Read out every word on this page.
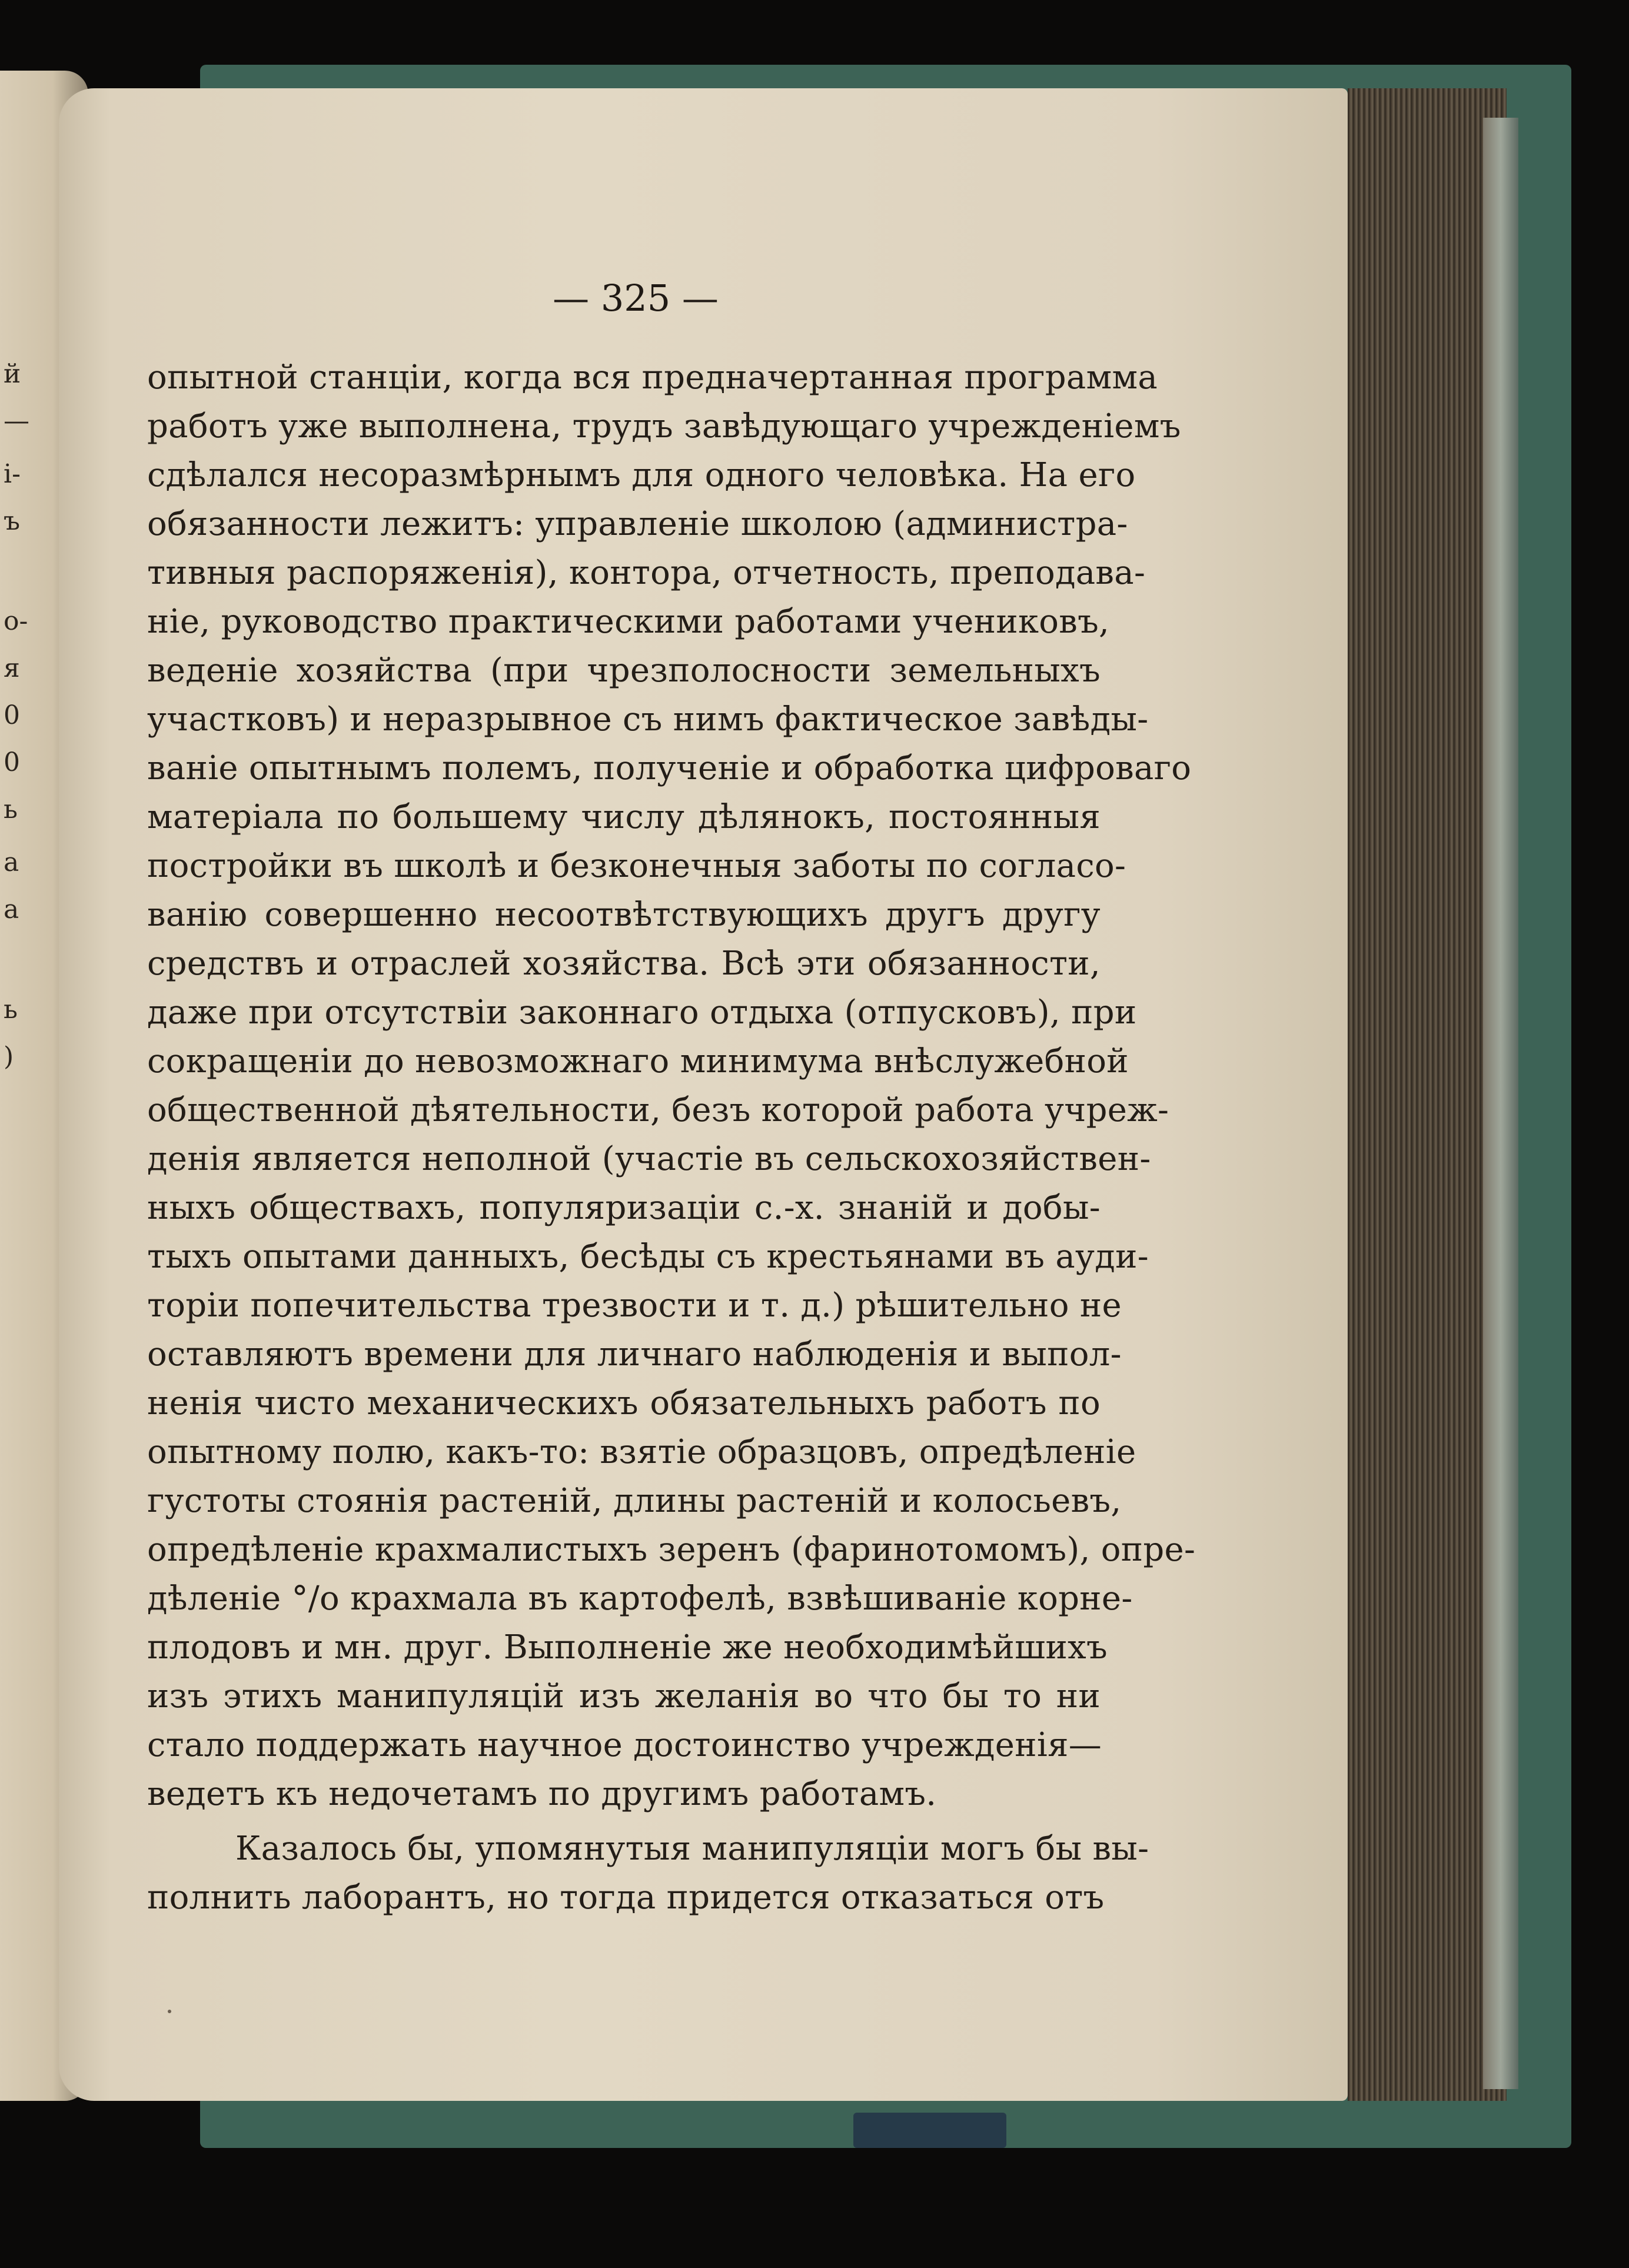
й
—
і-
ъ
о-
я
0
0
ь
а
а
ь
)
— 325 —
опытной станціи, когда вся предначертанная программа
работъ уже выполнена, трудъ завѣдующаго учрежденіемъ
сдѣлался несоразмѣрнымъ для одного человѣка. На его
обязанности лежитъ: управленіе школою (администра-
тивныя распоряженія), контора, отчетность, преподава-
ніе, руководство практическими работами учениковъ,
веденіе хозяйства (при чрезполосности земельныхъ
участковъ) и неразрывное съ нимъ фактическое завѣды-
ваніе опытнымъ полемъ, полученіе и обработка цифроваго
матеріала по большему числу дѣлянокъ, постоянныя
постройки въ школѣ и безконечныя заботы по согласо-
ванію совершенно несоотвѣтствующихъ другъ другу
средствъ и отраслей хозяйства. Всѣ эти обязанности,
даже при отсутствіи законнаго отдыха (отпусковъ), при
сокращеніи до невозможнаго минимума внѣслужебной
общественной дѣятельности, безъ которой работа учреж-
денія является неполной (участіе въ сельскохозяйствен-
ныхъ обществахъ, популяризаціи с.-х. знаній и добы-
тыхъ опытами данныхъ, бесѣды съ крестьянами въ ауди-
торіи попечительства трезвости и т. д.) рѣшительно не
оставляютъ времени для личнаго наблюденія и выпол-
ненія чисто механическихъ обязательныхъ работъ по
опытному полю, какъ-то: взятіе образцовъ, опредѣленіе
густоты стоянія растеній, длины растеній и колосьевъ,
опредѣленіе крахмалистыхъ зеренъ (фаринотомомъ), опре-
дѣленіе °/о крахмала въ картофелѣ, взвѣшиваніе корне-
плодовъ и мн. друг. Выполненіе же необходимѣйшихъ
изъ этихъ манипуляцій изъ желанія во что бы то ни
стало поддержать научное достоинство учрежденія—
ведетъ къ недочетамъ по другимъ работамъ.
Казалось бы, упомянутыя манипуляціи могъ бы вы-
полнить лаборантъ, но тогда придется отказаться отъ
